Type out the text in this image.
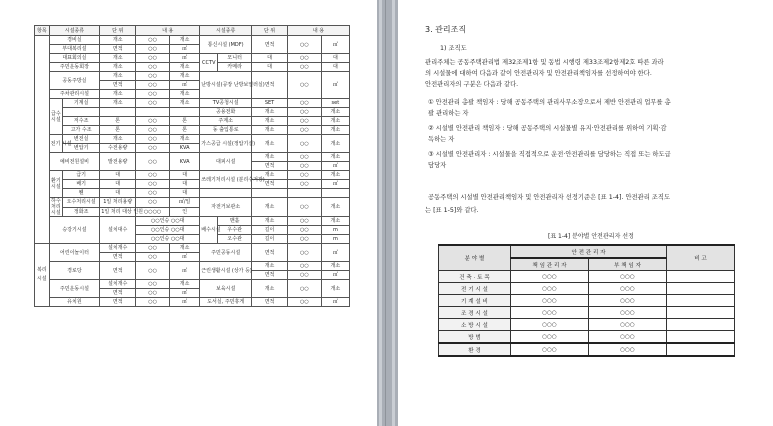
항목	시설종류		단 위	내 용		시설종류		단 위	내 용	
	경비실		개소	○○	개소	통신시설 (MDF)		면적	○○	㎡
	부대복리설		면적	○○	㎡					
	대표회의실		개소	○○	㎡	CCTV	모니터	대	○○	대
	주민운동회장		개소	○○	개소		카메라	대	○○	대
	공동주방실		개소	○○	개소	난방시설(공장 난방보일러실)		면적	○○	㎡
			면적	○○	㎡					
	주차관리시설		개소	○○	개소					
	급수 시설	기계실	개소	○○	개소	TV공청시설		SET	○○	set
						공용전화		개소	○○	개소
		저수조	톤	○○	톤	주계소		개소	○○	개소
		고가 수조	톤	○○	톤	동 출입통로		개소	○○	개소
	전기 시설	변전실	개소	○○	개소	가스공급 시설(정압기실)		개소	○○	개소
		변압기	수전용량	○○	KVA					
	예비전원설비		발전용량	○○	KVA	대피시설		개소	○○	개소
								면적	○○	㎡
	환기 시설	급기	대	○○	대	쓰레기처리시설 (분리수거장)		개소	○○	개소
		배기	대	○○	대			면적	○○	㎡
		휀	대	○○	대					
	하수처리시설	오수처리시설	1일 처리용량	○○	㎥/일	자전거보관소		개소	○○	개소
		정화조	1일 처리 대상 인원	○○○○	인					
	승강기시설		설치대수	○○인승 ○○대		배수시설	맨홀	개소	○○	개소
				○○인승 ○○대			우수관	길이	○○	m
				○○인승 ○○대			오수관	길이	○○	m
복리시설	어린이놀이터		설치개수	○○	개소	주민공동시설		면적	○○	㎡
			면적	○○	㎡					
	경로당		면적	○○	㎡	근린생활시설 (상가 등)		개소	○○	개소
								면적	○○	㎡
	주민운동시설		설치개수	○○	개소	보육시설		개소	○○	개소
			면적	○○	㎡					
	유치원		면적	○○	㎡	도서실, 주민휴게		면적	○○	㎡
3. 관리조직
1) 조직도
관리주체는 공동주택관리법 제32조제1항 및 동법 시행령 제33조제2항제2호 따른 과라
의 시설물에 대하여 다음과 같이 안전관리자 및 안전관리책임자를 선정하여야 한다.
안전관리자의 구분은 다음과 같다.
① 안전관리 총괄 책임자 : 당해 공동주택의 관리사무소장으로서 제반 안전관리 업무를 총
괄 관리하는 자
② 시설별 안전관리 책임자 : 당해 공동주택의 시설물별 유지·안전관리를 위하여 기획·감
독하는 자
③ 시설별 안전관리자 : 시설물을 직접적으로 운전·안전관리를 담당하는 직접 또는 하도급
담당자
공동주택의 시설별 안전관리책임자 및 안전관리자 선정기준은 [표 1-4]. 안전관리 조직도
는 [표 1-5]와 같다.
[표 1-4] 분야별 안전관리자 선정
분 야 별	안 전 관 리 자		비 고
	책 임 관 리 자	부 책 임 자	
건 축 · 토 목	○○○	○○○	
전 기 시 설	○○○	○○○	
기 계 설 비	○○○	○○○	
조 경 시 설	○○○	○○○	
소 방 시 설	○○○	○○○	
방 범	○○○	○○○	
환 경	○○○	○○○	
